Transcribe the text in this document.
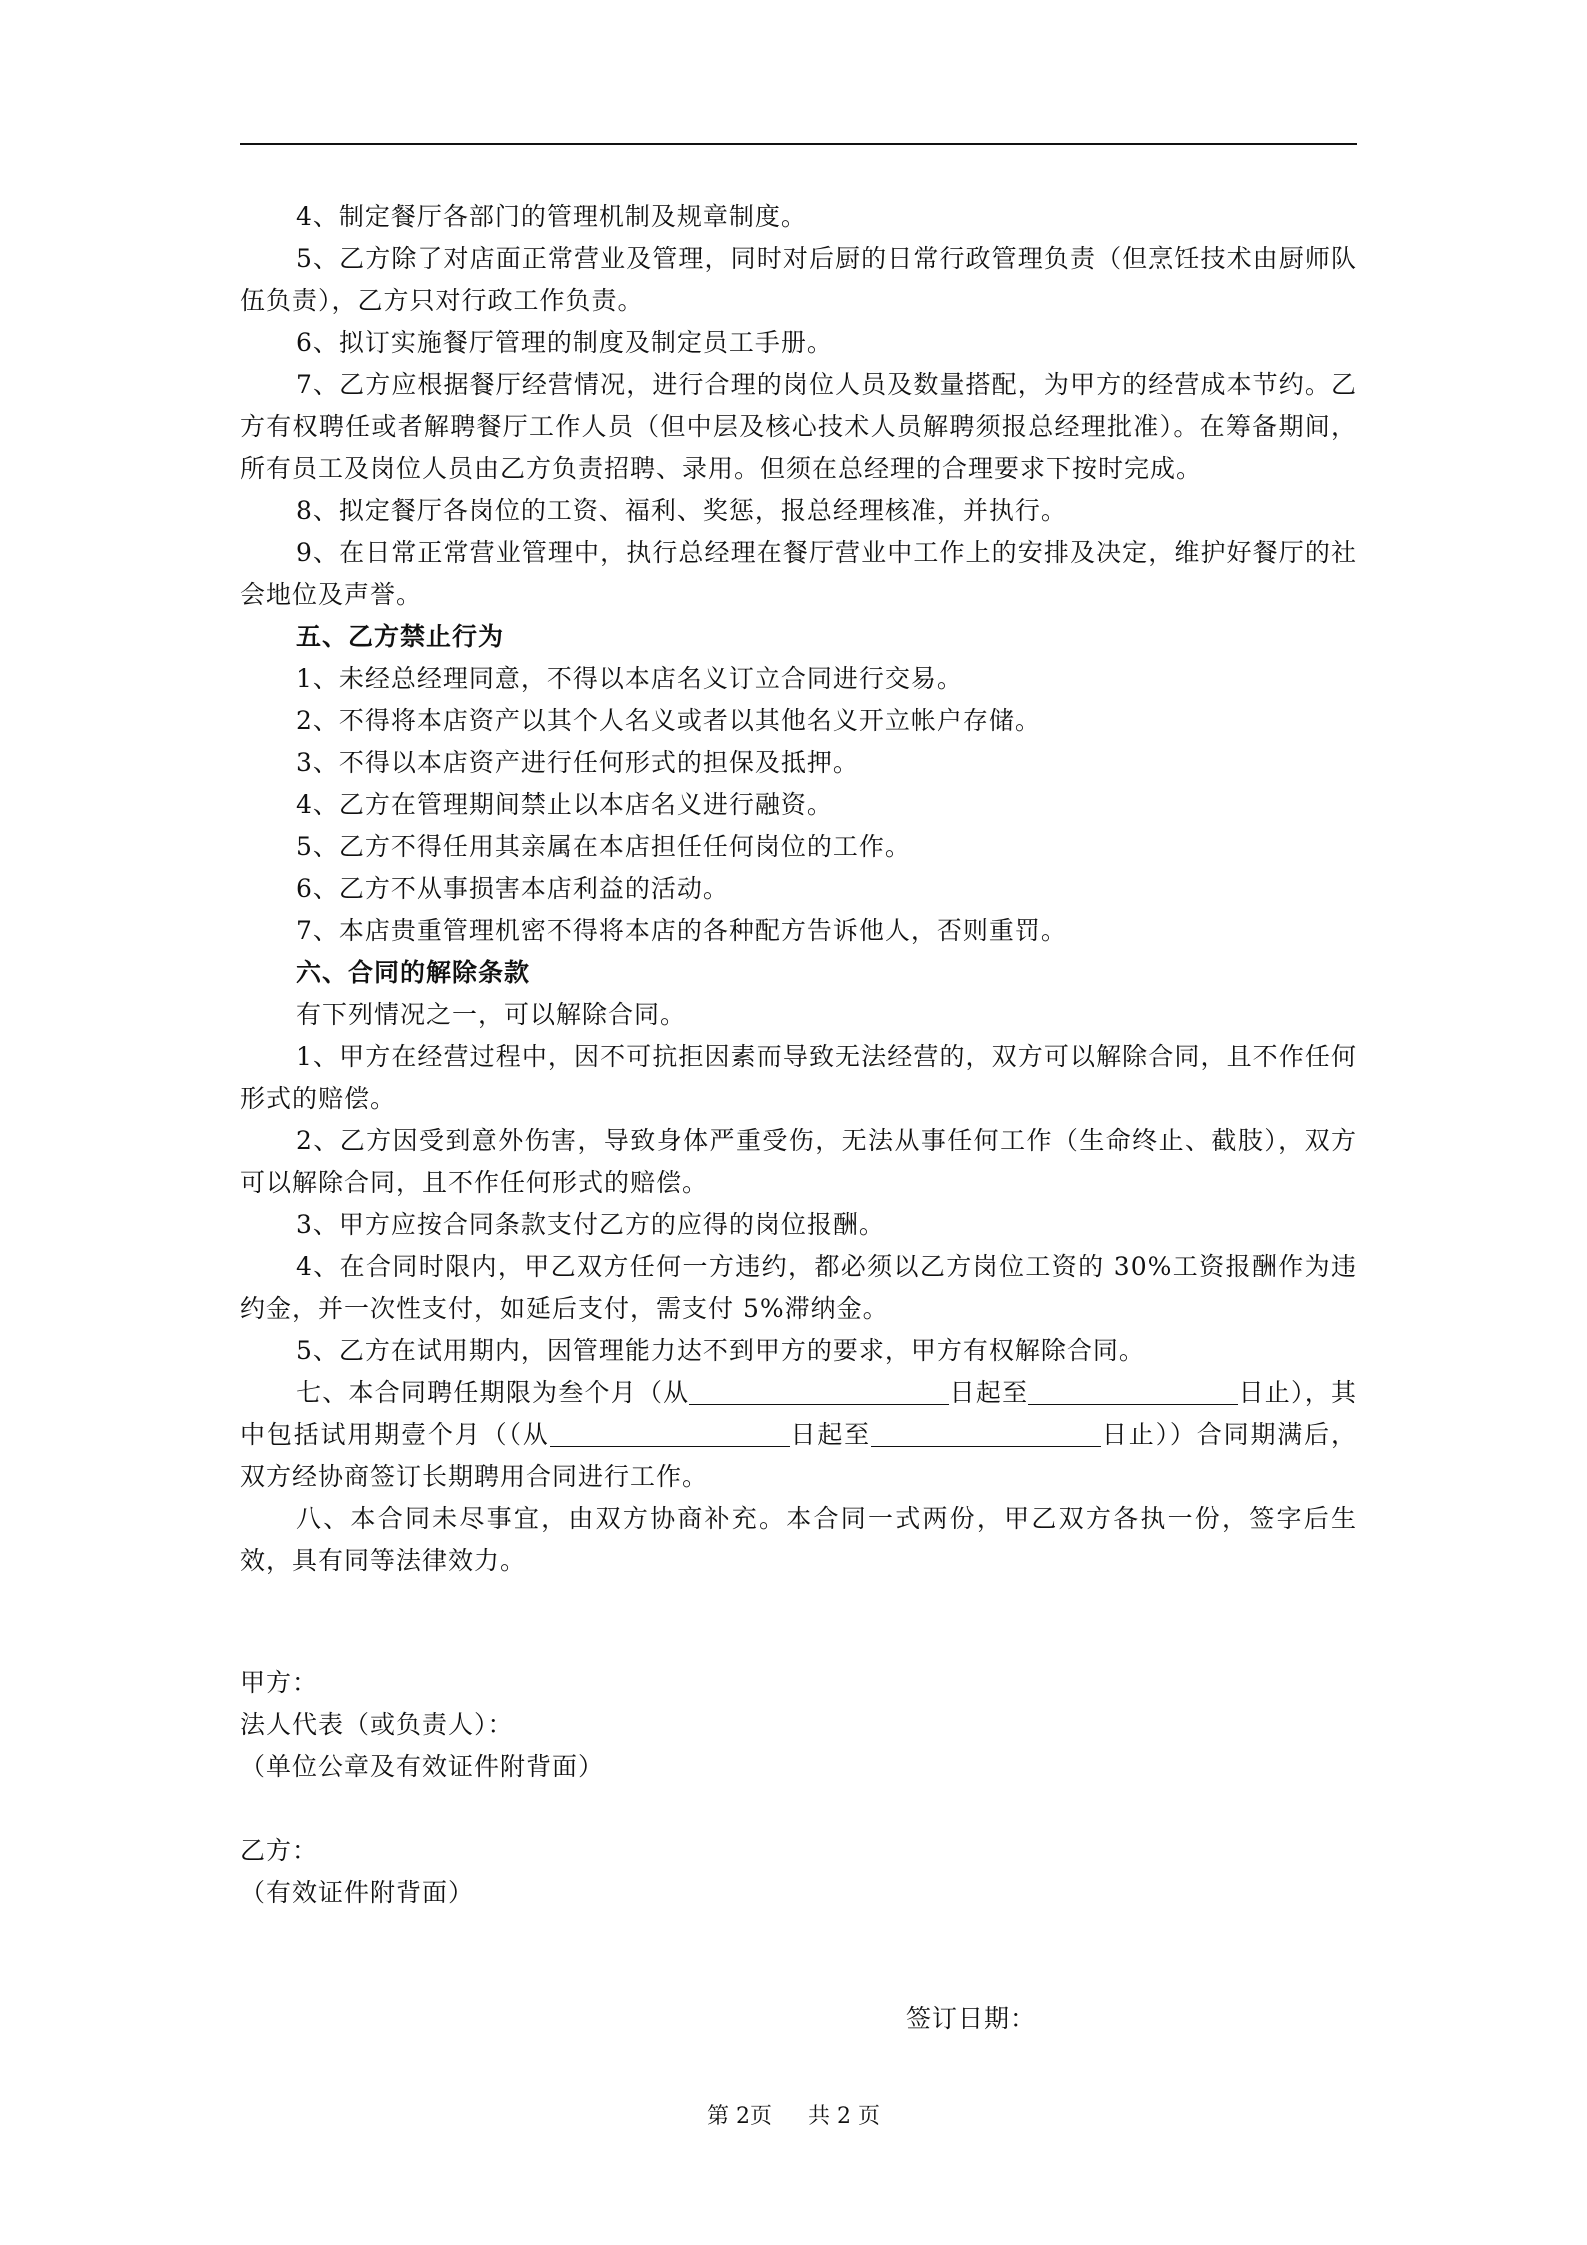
4、制定餐厅各部门的管理机制及规章制度。

5、乙方除了对店面正常营业及管理，同时对后厨的日常行政管理负责（但烹饪技术由厨师队伍负责），乙方只对行政工作负责。

6、拟订实施餐厅管理的制度及制定员工手册。

7、乙方应根据餐厅经营情况，进行合理的岗位人员及数量搭配，为甲方的经营成本节约。乙方有权聘任或者解聘餐厅工作人员（但中层及核心技术人员解聘须报总经理批准）。在筹备期间，所有员工及岗位人员由乙方负责招聘、录用。但须在总经理的合理要求下按时完成。

8、拟定餐厅各岗位的工资、福利、奖惩，报总经理核准，并执行。

9、在日常正常营业管理中，执行总经理在餐厅营业中工作上的安排及决定，维护好餐厅的社会地位及声誉。

五、乙方禁止行为

1、未经总经理同意，不得以本店名义订立合同进行交易。

2、不得将本店资产以其个人名义或者以其他名义开立帐户存储。

3、不得以本店资产进行任何形式的担保及抵押。

4、乙方在管理期间禁止以本店名义进行融资。

5、乙方不得任用其亲属在本店担任任何岗位的工作。

6、乙方不从事损害本店利益的活动。

7、本店贵重管理机密不得将本店的各种配方告诉他人，否则重罚。

六、合同的解除条款

有下列情况之一，可以解除合同。

1、甲方在经营过程中，因不可抗拒因素而导致无法经营的，双方可以解除合同，且不作任何形式的赔偿。

2、乙方因受到意外伤害，导致身体严重受伤，无法从事任何工作（生命终止、截肢），双方可以解除合同，且不作任何形式的赔偿。

3、甲方应按合同条款支付乙方的应得的岗位报酬。

4、在合同时限内，甲乙双方任何一方违约，都必须以乙方岗位工资的 30%工资报酬作为违约金，并一次性支付，如延后支付，需支付 5%滞纳金。

5、乙方在试用期内，因管理能力达不到甲方的要求，甲方有权解除合同。

七、本合同聘任期限为叁个月（从	日起至	日止），其中包括试用期壹个月（（从	日起至	日止））合同期满后，双方经协商签订长期聘用合同进行工作。

八、本合同未尽事宜，由双方协商补充。本合同一式两份，甲乙双方各执一份，签字后生效，具有同等法律效力。

甲方：
法人代表（或负责人）：
（单位公章及有效证件附背面）
乙方：
（有效证件附背面）
签订日期：
第 2页 共 2 页
